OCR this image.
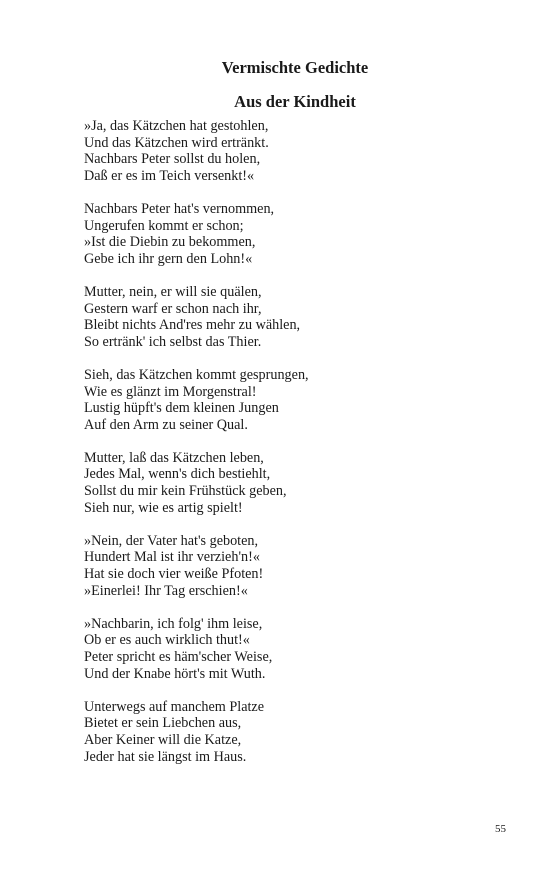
Vermischte Gedichte
Aus der Kindheit
»Ja, das Kätzchen hat gestohlen,
Und das Kätzchen wird ertränkt.
Nachbars Peter sollst du holen,
Daß er es im Teich versenkt!«
Nachbars Peter hat's vernommen,
Ungerufen kommt er schon;
»Ist die Diebin zu bekommen,
Gebe ich ihr gern den Lohn!«
Mutter, nein, er will sie quälen,
Gestern warf er schon nach ihr,
Bleibt nichts And'res mehr zu wählen,
So ertränk' ich selbst das Thier.
Sieh, das Kätzchen kommt gesprungen,
Wie es glänzt im Morgenstral!
Lustig hüpft's dem kleinen Jungen
Auf den Arm zu seiner Qual.
Mutter, laß das Kätzchen leben,
Jedes Mal, wenn's dich bestiehlt,
Sollst du mir kein Frühstück geben,
Sieh nur, wie es artig spielt!
»Nein, der Vater hat's geboten,
Hundert Mal ist ihr verzieh'n!«
Hat sie doch vier weiße Pfoten!
»Einerlei! Ihr Tag erschien!«
»Nachbarin, ich folg' ihm leise,
Ob er es auch wirklich thut!«
Peter spricht es häm'scher Weise,
Und der Knabe hört's mit Wuth.
Unterwegs auf manchem Platze
Bietet er sein Liebchen aus,
Aber Keiner will die Katze,
Jeder hat sie längst im Haus.
55
